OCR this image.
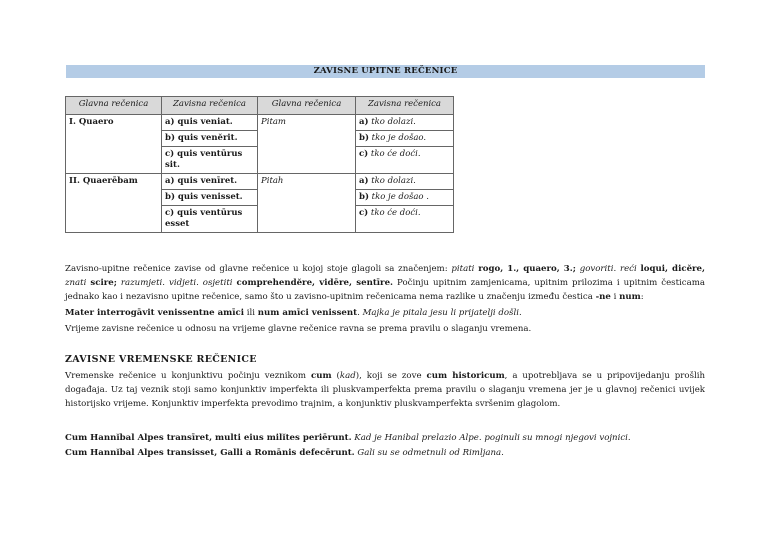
ZAVISNE UPITNE REČENICE
Glavna rečenica	Zavisna rečenica	Glavna rečenica	Zavisna rečenica
I. Quaero	a) quis veniat.	Pitam	a) tko dolazi.
	b) quis venĕrit.		b) tko je došao.
	c) quis ventūrus sit.		c) tko će doći.
II. Quaerēbam	a) quis venīret.	Pitah	a) tko dolazi.
	b) quis venisset.		b) tko je došao .
	c) quis ventūrus esset		c) tko će doći.
Zavisno-upitne rečenice zavise od glavne rečenice u kojoj stoje glagoli sa značenjem: pitati rogo, 1., quaero, 3.; govoriti. reći loqui, dicĕre, znati scire; razumjeti. vidjeti. osjetiti comprehendĕre, vidēre, sentīre. Počinju upitnim zamjenicama, upitnim prilozima i upitnim česticama jednako kao i nezavisno upitne rečenice, samo što u zavisno-upitnim rečenicama nema razlike u značenju između čestica -ne i num:
Mater interrogāvit venissentne amīci ili num amīci venissent. Majka je pitala jesu li prijatelji došli.
Vrijeme zavisne rečenice u odnosu na vrijeme glavne rečenice ravna se prema pravilu o slaganju vremena.
ZAVISNE VREMENSKE REČENICE
Vremenske rečenice u konjunktivu počinju veznikom cum (kad), koji se zove cum historicum, a upotrebljava se u pripovijedanju prošlih događaja. Uz taj veznik stoji samo konjunktiv imperfekta ili pluskvamperfekta prema pravilu o slaganju vremena jer je u glavnoj rečenici uvijek historijsko vrijeme. Konjunktiv imperfekta prevodimo trajnim, a konjunktiv pluskvamperfekta svršenim glagolom.
Cum Hannĭbal Alpes transīret, multi eius milĭtes periērunt. Kad je Hanibal prelazio Alpe. poginuli su mnogi njegovi vojnici.
Cum Hannĭbal Alpes transisset, Galli a Romānis defecērunt. Gali su se odmetnuli od Rimljana.
